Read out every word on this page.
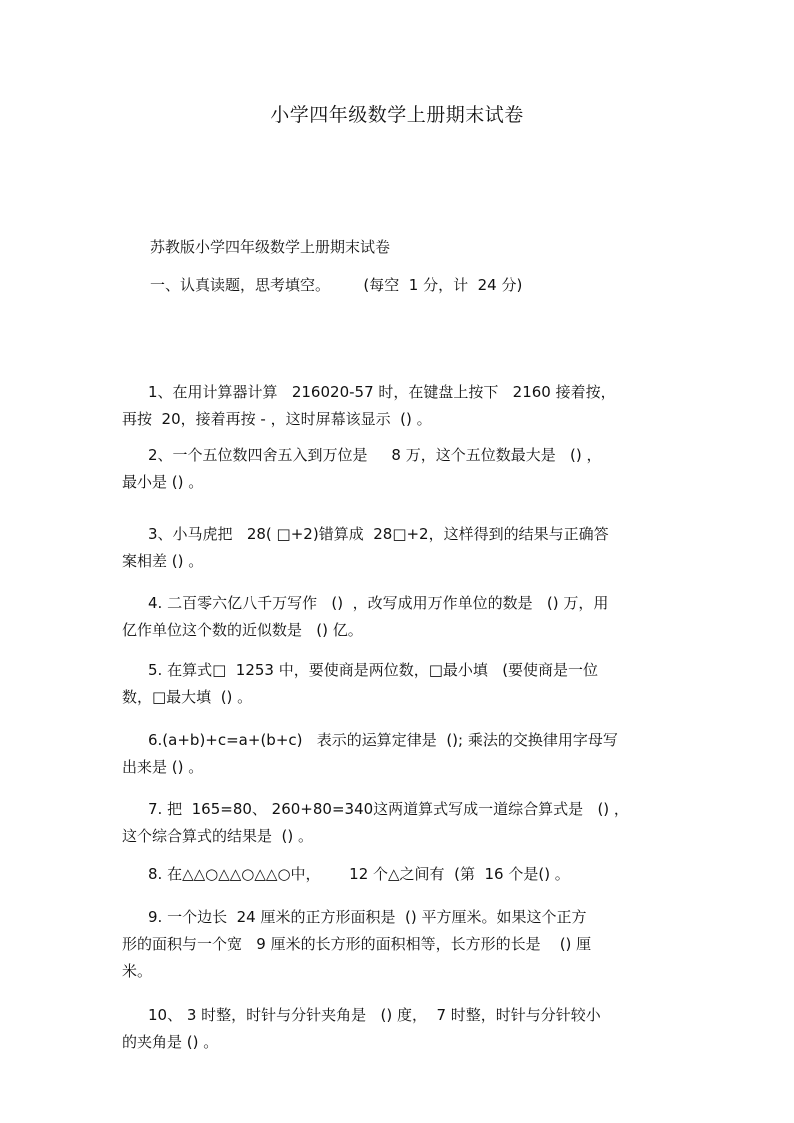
小学四年级数学上册期末试卷
苏教版小学四年级数学上册期末试卷
一、认真读题，思考填空。       (每空  1 分，计  24 分)
1、在用计算器计算   216020-57 时，在键盘上按下   2160 接着按，
再按  20，接着再按 - ，这时屏幕该显示  () 。
2、一个五位数四舍五入到万位是     8 万，这个五位数最大是   () ，
最小是 () 。
3、小马虎把   28( □+2)错算成  28□+2，这样得到的结果与正确答
案相差 () 。
4. 二百零六亿八千万写作   ()  ，改写成用万作单位的数是   () 万，用
亿作单位这个数的近似数是   () 亿。
5. 在算式□  1253 中，要使商是两位数，□最小填   (要使商是一位
数，□最大填  () 。
6.(a+b)+c=a+(b+c)   表示的运算定律是  (); 乘法的交换律用字母写
出来是 () 。
7. 把  165=80、 260+80=340这两道算式写成一道综合算式是   () ，
这个综合算式的结果是  () 。
8. 在△△○△△○△△○中，      12 个△之间有  (第  16 个是() 。
9. 一个边长  24 厘米的正方形面积是  () 平方厘米。如果这个正方
形的面积与一个宽   9 厘米的长方形的面积相等，长方形的长是    () 厘
米。
10、 3 时整，时针与分针夹角是   () 度，  7 时整，时针与分针较小
的夹角是 () 。
